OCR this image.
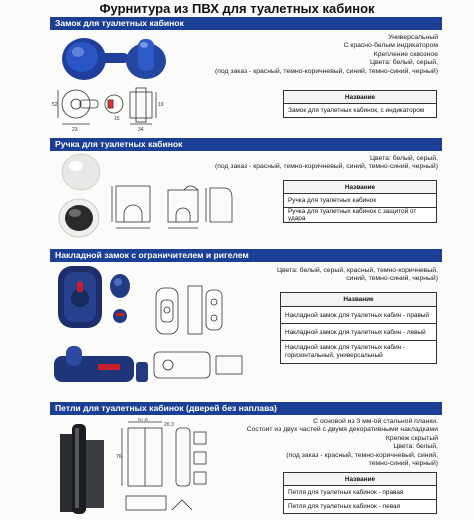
Фурнитура из ПВХ для туалетных кабинок
Замок для туалетных кабинок
52
23	34
19
15
Универсальный
С красно-белым индикатором
Крепление сквозное
Цвета: белый, серый,
(под заказ - красный, темно-коричневый, синий, темно-синий, черный)
Название
Замок для туалетных кабинок, с индикатором
Ручка для туалетных кабинок
Цвета: белый, серый,
(под заказ - красный, темно-коричневый, синий, темно-синий, черный)
Название
Ручка для туалетных кабинок
Ручка для туалетных кабинок с защитой от удара
Накладной замок с ограничителем и ригелем
Цвета: белый, серый, красный, темно-коричневый,
синий, темно-синий, черный)
Название
Накладной замок для туалетных кабин - правый
Накладной замок для туалетных кабин - левый
Накладной замок для туалетных кабин -
горизонтальный, универсальный
Петли для туалетных кабинок (дверей без наплава)
57.6
20.3
76
С основой из 3 мм-ой стальной планки.
Состоит из двух частей с двумя декоративными накладками
Крепеж скрытый
Цвета: белый,
(под заказ - красный, темно-коричневый, синий,
темно-синий, черный)
Название
Петля для туалетных кабинок - правая
Петля для туалетных кабинок - левая
